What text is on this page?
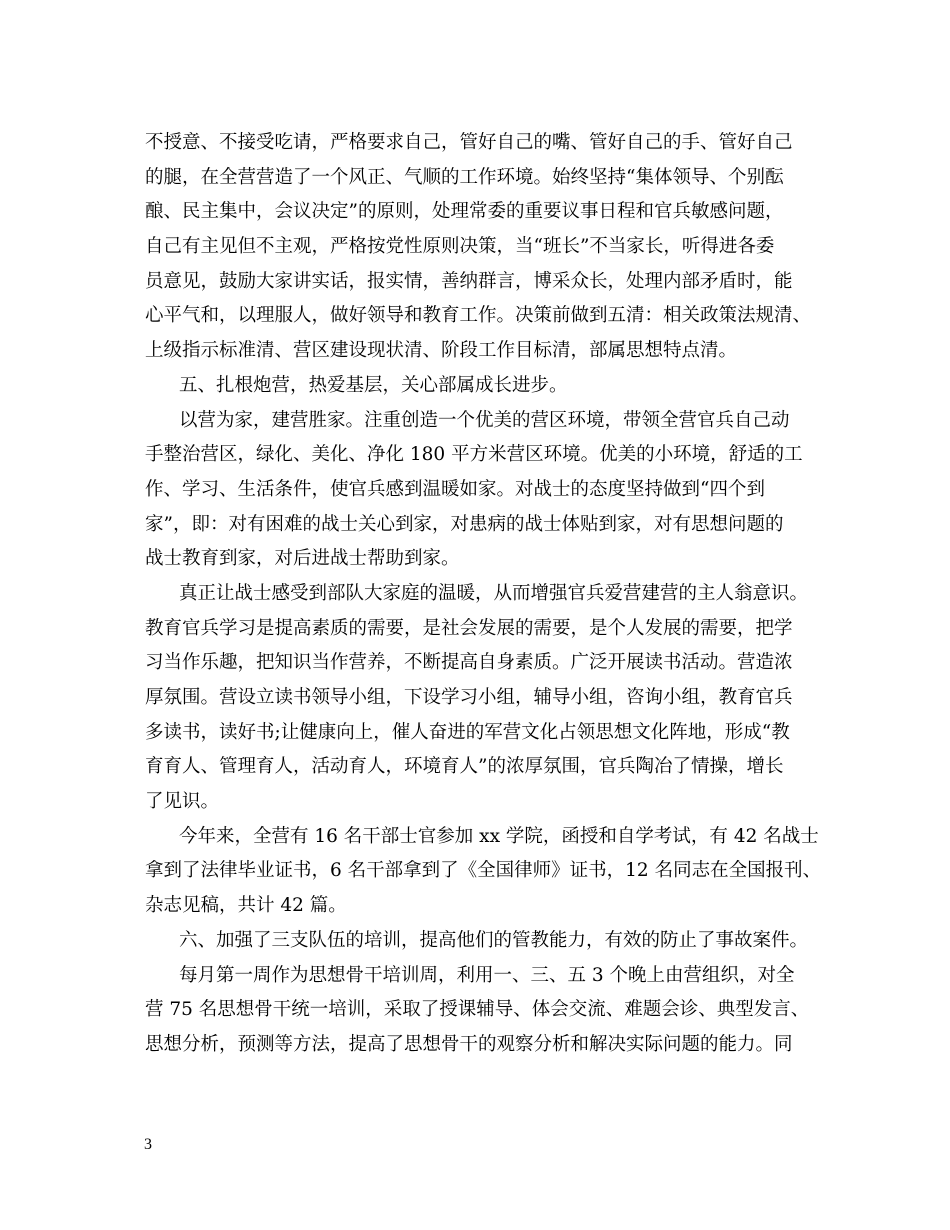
不授意、不接受吃请，严格要求自己，管好自己的嘴、管好自己的手、管好自己
的腿，在全营营造了一个风正、气顺的工作环境。始终坚持“集体领导、个别酝
酿、民主集中，会议决定”的原则，处理常委的重要议事日程和官兵敏感问题，
自己有主见但不主观，严格按党性原则决策，当“班长”不当家长，听得进各委
员意见，鼓励大家讲实话，报实情，善纳群言，博采众长，处理内部矛盾时，能
心平气和，以理服人，做好领导和教育工作。决策前做到五清：相关政策法规清、
上级指示标准清、营区建设现状清、阶段工作目标清，部属思想特点清。
五、扎根炮营，热爱基层，关心部属成长进步。
以营为家，建营胜家。注重创造一个优美的营区环境，带领全营官兵自己动
手整治营区，绿化、美化、净化 180 平方米营区环境。优美的小环境，舒适的工
作、学习、生活条件，使官兵感到温暖如家。对战士的态度坚持做到“四个到
家”，即：对有困难的战士关心到家，对患病的战士体贴到家，对有思想问题的
战士教育到家，对后进战士帮助到家。
真正让战士感受到部队大家庭的温暖，从而增强官兵爱营建营的主人翁意识。
教育官兵学习是提高素质的需要，是社会发展的需要，是个人发展的需要，把学
习当作乐趣，把知识当作营养，不断提高自身素质。广泛开展读书活动。营造浓
厚氛围。营设立读书领导小组，下设学习小组，辅导小组，咨询小组，教育官兵
多读书，读好书;让健康向上，催人奋进的军营文化占领思想文化阵地，形成“教
育育人、管理育人，活动育人，环境育人”的浓厚氛围，官兵陶冶了情操，增长
了见识。
今年来，全营有 16 名干部士官参加 xx 学院，函授和自学考试，有 42 名战士
拿到了法律毕业证书，6 名干部拿到了《全国律师》证书，12 名同志在全国报刊、
杂志见稿，共计 42 篇。
六、加强了三支队伍的培训，提高他们的管教能力，有效的防止了事故案件。
每月第一周作为思想骨干培训周，利用一、三、五 3 个晚上由营组织，对全
营 75 名思想骨干统一培训，采取了授课辅导、体会交流、难题会诊、典型发言、
思想分析，预测等方法，提高了思想骨干的观察分析和解决实际问题的能力。同
3
